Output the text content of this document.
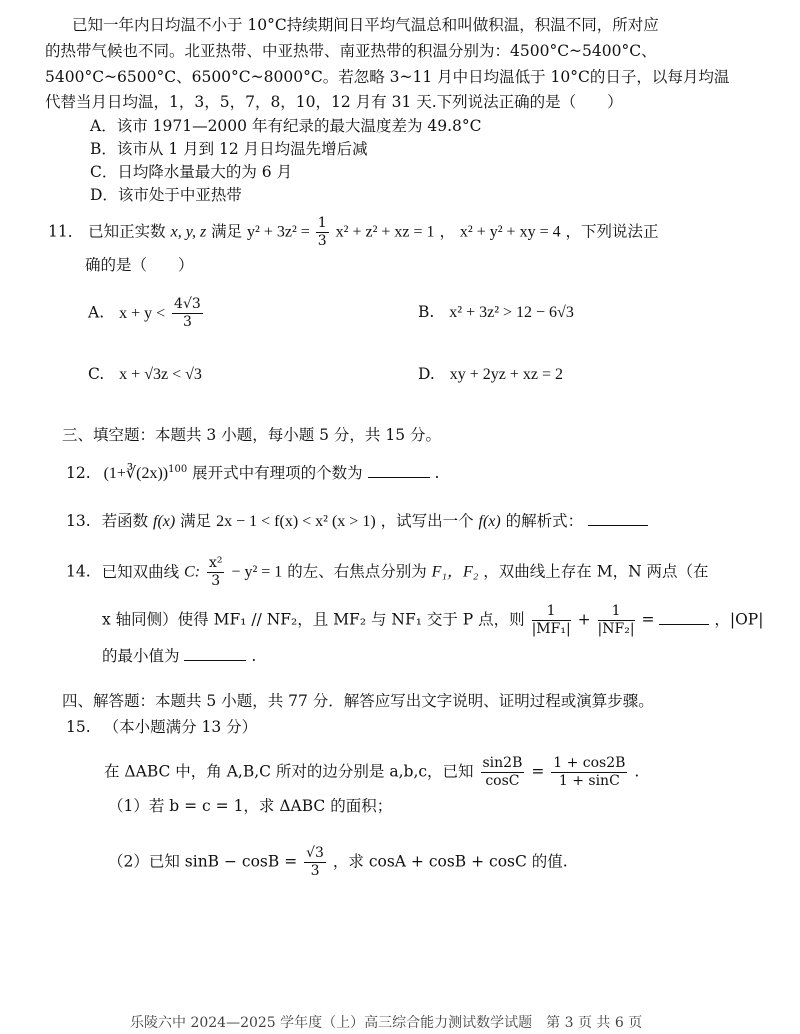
已知一年内日均温不小于 10°C持续期间日平均气温总和叫做积温，积温不同，所对应
的热带气候也不同。北亚热带、中亚热带、南亚热带的积温分别为：4500°C~5400°C、
5400°C~6500°C、6500°C~8000°C。若忽略 3~11 月中日均温低于 10°C的日子，以每月均温
代替当月日均温，1，3，5，7，8，10，12 月有 31 天.下列说法正确的是（　　）
A．该市 1971—2000 年有纪录的最大温度差为 49.8°C
B．该市从 1 月到 12 月日均温先增后减
C．日均降水量最大的为 6 月
D．该市处于中亚热带
11． 已知正实数 x, y, z 满足 $y^2 + 3z^2 = \frac{1}{3} x^2 + z^2$ + xz = 1 ， x² + y² + xy = 4 ，下列说法正
确的是（　　）
A. $x + y < \frac{4√3}{3}$	B. x² + 3z² > 12 − 6√3
C. x + √3z < √3	D. xy + 2yz + xz = 2
三、填空题：本题共 3 小题，每小题 5 分，共 15 分。
12. (1+∛(2x))$^{100}$ 展开式中有理项的个数为	.
13. 若函数 f(x) 满足 2x − 1 < f(x) < x² (x > 1) ，试写出一个 f(x) 的解析式：
14. 已知双曲线 C: $\frac{\text{x²}}{3} - y^2 = 1$ 的左、右焦点分别为 F₁，F₂ ，双曲线上存在 M，N 两点（在
x 轴同侧）使得 MF₁ // NF₂，且 MF₂ 与 NF₁ 交于 P 点，则 $\frac{1}{\text{|MF₁|}} + \frac{1}{\text{|NF₂|}}$ =	，|OP|
的最小值为	.
四、解答题：本题共 5 小题，共 77 分．解答应写出文字说明、证明过程或演算步骤。
15. （本小题满分 13 分）
在 ΔABC 中，角 A,B,C 所对的边分别是 a,b,c，已知 $\frac{\sin 2B}{\cos C} = \frac{1 + \cos 2B}{1 + \sin C}$ .
（1）若 b = c = 1，求 ΔABC 的面积；
（2）已知 $\sin B - \cos B = \frac{√3}{3}$ ，求 cosA + cosB + cosC 的值.
乐陵六中 2024—2025 学年度（上）高三综合能力测试数学试题　第 3 页 共 6 页
